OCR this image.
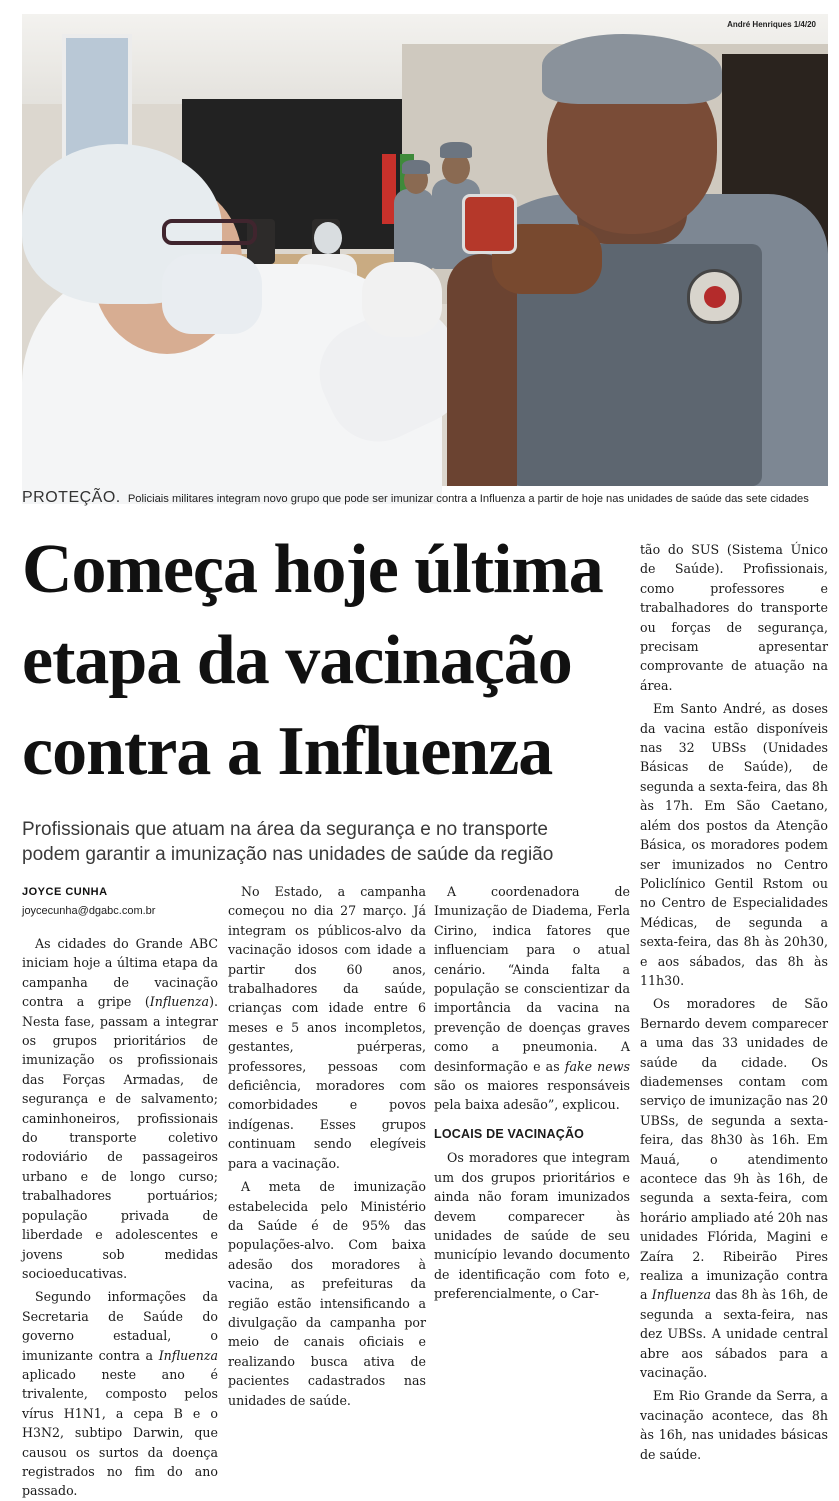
André Henriques 1/4/20
PROTEÇÃO. Policiais militares integram novo grupo que pode ser imunizar contra a Influenza a partir de hoje nas unidades de saúde das sete cidades
Começa hoje última
etapa da vacinação
contra a Influenza
Profissionais que atuam na área da segurança e no transporte
podem garantir a imunização nas unidades de saúde da região
JOYCE CUNHA
joycecunha@dgabc.com.br

As cidades do Grande ABC iniciam hoje a última etapa da campanha de vacinação contra a gripe (Influenza). Nesta fase, passam a integrar os grupos prioritários de imunização os profissionais das Forças Armadas, de segurança e de salvamento; caminhoneiros, profissionais do transporte coletivo rodoviário de passageiros urbano e de longo curso; trabalhadores portuários; população privada de liberdade e adolescentes e jovens sob medidas socioeducativas.

Segundo informações da Secretaria de Saúde do governo estadual, o imunizante contra a Influenza aplicado neste ano é trivalente, composto pelos vírus H1N1, a cepa B e o H3N2, subtipo Darwin, que causou os surtos da doença registrados no fim do ano passado.

No Estado, a campanha começou no dia 27 março. Já integram os públicos-alvo da vacinação idosos com idade a partir dos 60 anos, trabalhadores da saúde, crianças com idade entre 6 meses e 5 anos incompletos, gestantes, puérperas, professores, pessoas com deficiência, moradores com comorbidades e povos indígenas. Esses grupos continuam sendo elegíveis para a vacinação.

A meta de imunização estabelecida pelo Ministério da Saúde é de 95% das populações-alvo. Com baixa adesão dos moradores à vacina, as prefeituras da região estão intensificando a divulgação da campanha por meio de canais oficiais e realizando busca ativa de pacientes cadastrados nas unidades de saúde.

A coordenadora de Imunização de Diadema, Ferla Cirino, indica fatores que influenciam para o atual cenário. “Ainda falta a população se conscientizar da importância da vacina na prevenção de doenças graves como a pneumonia. A desinformação e as fake news são os maiores responsáveis pela baixa adesão”, explicou.

LOCAIS DE VACINAÇÃO

Os moradores que integram um dos grupos prioritários e ainda não foram imunizados devem comparecer às unidades de saúde de seu município levando documento de identificação com foto e, preferencialmente, o Car-

tão do SUS (Sistema Único de Saúde). Profissionais, como professores e trabalhadores do transporte ou forças de segurança, precisam apresentar comprovante de atuação na área.

Em Santo André, as doses da vacina estão disponíveis nas 32 UBSs (Unidades Básicas de Saúde), de segunda a sexta-feira, das 8h às 17h. Em São Caetano, além dos postos da Atenção Básica, os moradores podem ser imunizados no Centro Policlínico Gentil Rstom ou no Centro de Especialidades Médicas, de segunda a sexta-feira, das 8h às 20h30, e aos sábados, das 8h às 11h30.

Os moradores de São Bernardo devem comparecer a uma das 33 unidades de saúde da cidade. Os diademenses contam com serviço de imunização nas 20 UBSs, de segunda a sexta-feira, das 8h30 às 16h. Em Mauá, o atendimento acontece das 9h às 16h, de segunda a sexta-feira, com horário ampliado até 20h nas unidades Flórida, Magini e Zaíra 2. Ribeirão Pires realiza a imunização contra a Influenza das 8h às 16h, de segunda a sexta-feira, nas dez UBSs. A unidade central abre aos sábados para a vacinação.

Em Rio Grande da Serra, a vacinação acontece, das 8h às 16h, nas unidades básicas de saúde.
